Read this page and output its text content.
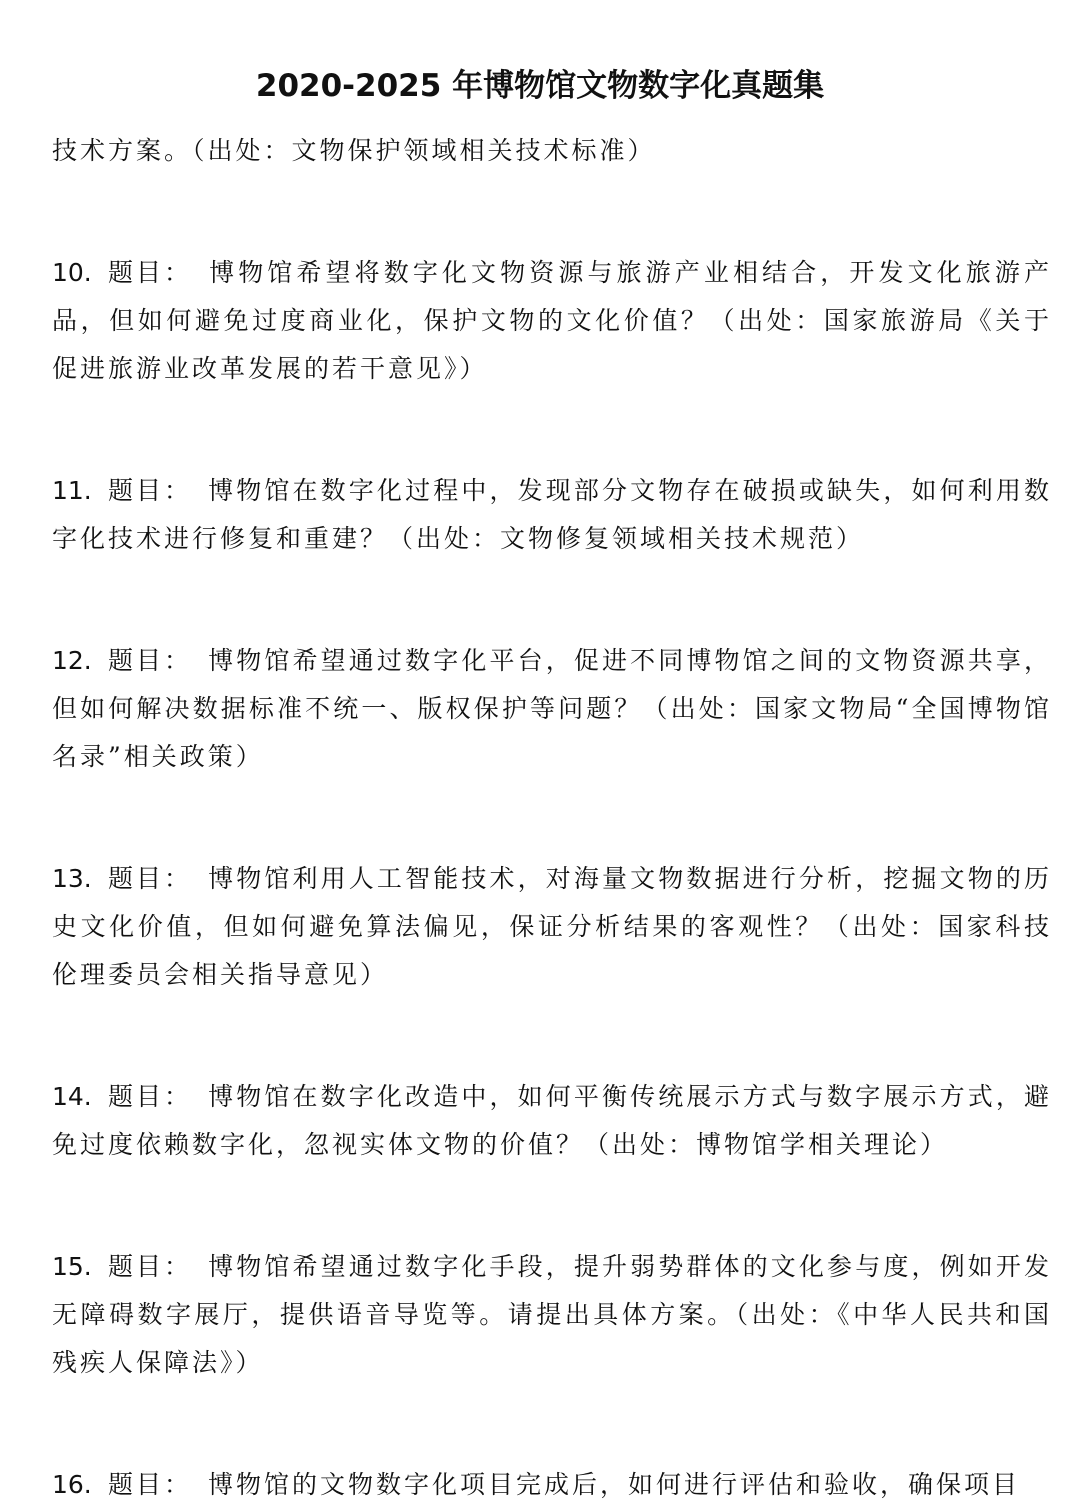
2020-2025 年博物馆文物数字化真题集

技术方案。（出处：文物保护领域相关技术标准）

10. 题目： 博物馆希望将数字化文物资源与旅游产业相结合，开发文化旅游产品，但如何避免过度商业化，保护文物的文化价值？（出处：国家旅游局《关于促进旅游业改革发展的若干意见》）

11. 题目： 博物馆在数字化过程中，发现部分文物存在破损或缺失，如何利用数字化技术进行修复和重建？（出处：文物修复领域相关技术规范）

12. 题目： 博物馆希望通过数字化平台，促进不同博物馆之间的文物资源共享，但如何解决数据标准不统一、版权保护等问题？（出处：国家文物局“全国博物馆名录”相关政策）

13. 题目： 博物馆利用人工智能技术，对海量文物数据进行分析，挖掘文物的历史文化价值，但如何避免算法偏见，保证分析结果的客观性？（出处：国家科技伦理委员会相关指导意见）

14. 题目： 博物馆在数字化改造中，如何平衡传统展示方式与数字展示方式，避免过度依赖数字化，忽视实体文物的价值？（出处：博物馆学相关理论）

15. 题目： 博物馆希望通过数字化手段，提升弱势群体的文化参与度，例如开发无障碍数字展厅，提供语音导览等。请提出具体方案。（出处：《中华人民共和国残疾人保障法》）

16. 题目： 博物馆的文物数字化项目完成后，如何进行评估和验收，确保项目
